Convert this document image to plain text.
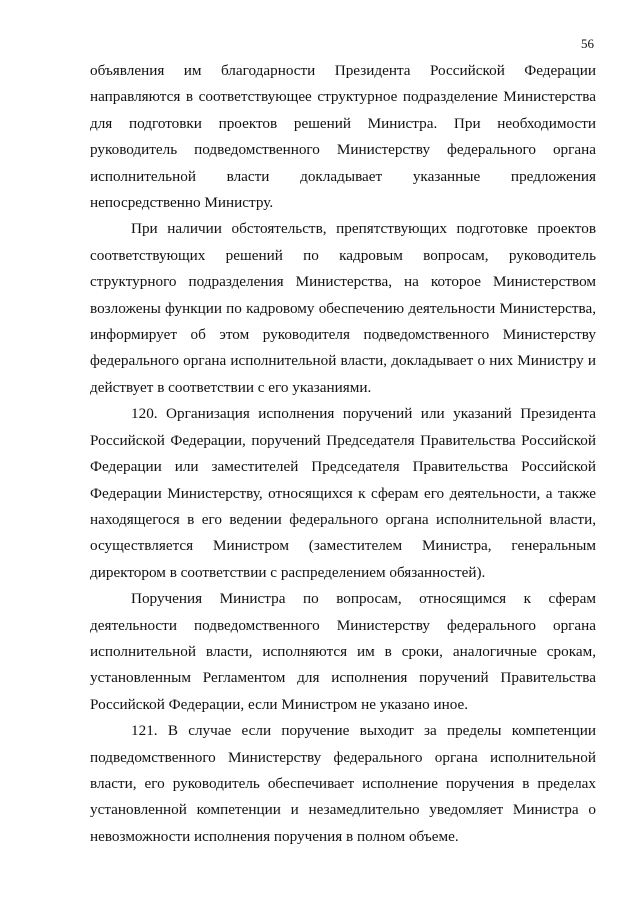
56

объявления им благодарности Президента Российской Федерации направляются в соответствующее структурное подразделение Министерства для подготовки проектов решений Министра. При необходимости руководитель подведомственного Министерству федерального органа исполнительной власти докладывает указанные предложения непосредственно Министру.

При наличии обстоятельств, препятствующих подготовке проектов соответствующих решений по кадровым вопросам, руководитель структурного подразделения Министерства, на которое Министерством возложены функции по кадровому обеспечению деятельности Министерства, информирует об этом руководителя подведомственного Министерству федерального органа исполнительной власти, докладывает о них Министру и действует в соответствии с его указаниями.

120. Организация исполнения поручений или указаний Президента Российской Федерации, поручений Председателя Правительства Российской Федерации или заместителей Председателя Правительства Российской Федерации Министерству, относящихся к сферам его деятельности, а также находящегося в его ведении федерального органа исполнительной власти, осуществляется Министром (заместителем Министра, генеральным директором в соответствии с распределением обязанностей).

Поручения Министра по вопросам, относящимся к сферам деятельности подведомственного Министерству федерального органа исполнительной власти, исполняются им в сроки, аналогичные срокам, установленным Регламентом для исполнения поручений Правительства Российской Федерации, если Министром не указано иное.

121. В случае если поручение выходит за пределы компетенции подведомственного Министерству федерального органа исполнительной власти, его руководитель обеспечивает исполнение поручения в пределах установленной компетенции и незамедлительно уведомляет Министра о невозможности исполнения поручения в полном объеме.
